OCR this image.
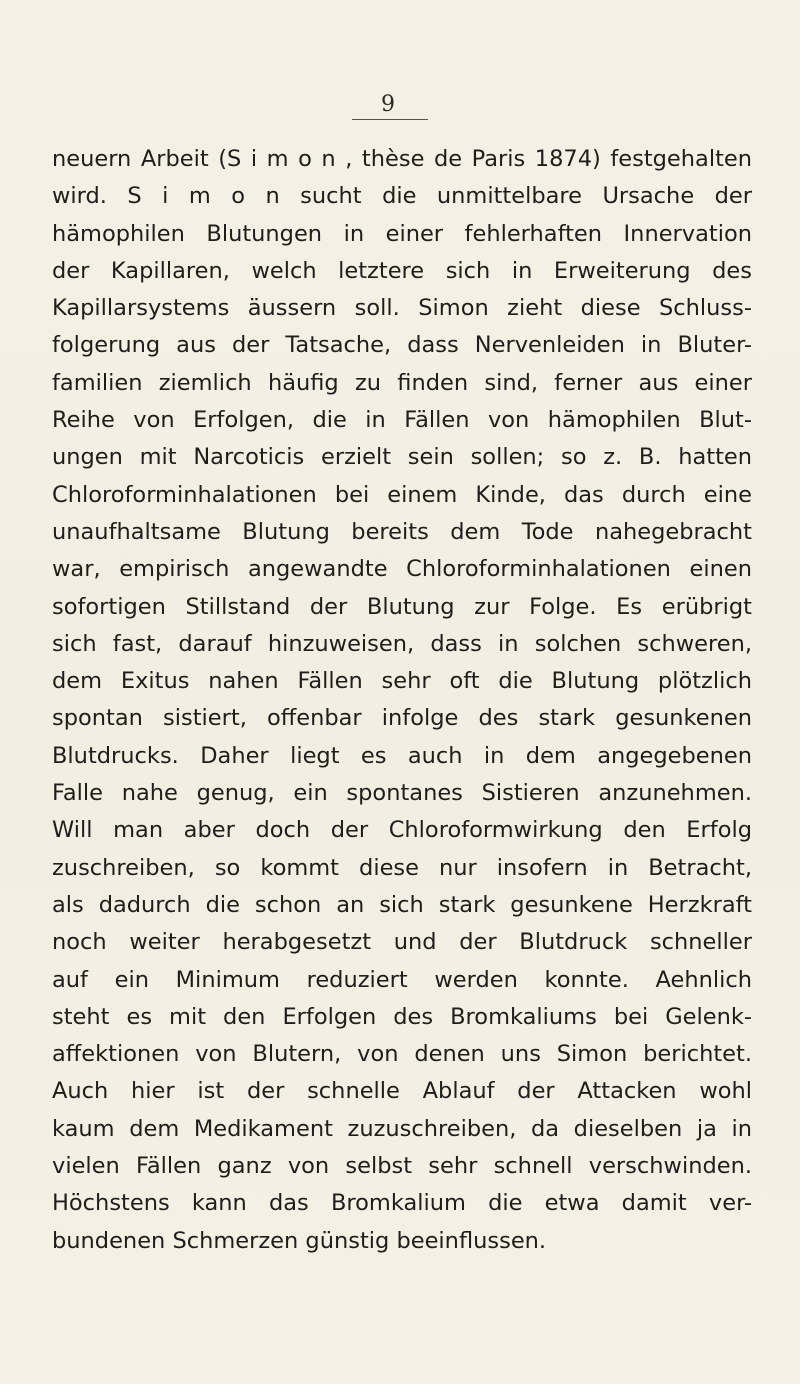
9
neuern Arbeit (S i m o n , thèse de Paris 1874) festgehalten
wird. S i m o n sucht die unmittelbare Ursache der
hämophilen Blutungen in einer fehlerhaften Innervation
der Kapillaren, welch letztere sich in Erweiterung des
Kapillarsystems äussern soll. Simon zieht diese Schluss-
folgerung aus der Tatsache, dass Nervenleiden in Bluter-
familien ziemlich häufig zu finden sind, ferner aus einer
Reihe von Erfolgen, die in Fällen von hämophilen Blut-
ungen mit Narcoticis erzielt sein sollen; so z. B. hatten
Chloroforminhalationen bei einem Kinde, das durch eine
unaufhaltsame Blutung bereits dem Tode nahegebracht
war, empirisch angewandte Chloroforminhalationen einen
sofortigen Stillstand der Blutung zur Folge. Es erübrigt
sich fast, darauf hinzuweisen, dass in solchen schweren,
dem Exitus nahen Fällen sehr oft die Blutung plötzlich
spontan sistiert, offenbar infolge des stark gesunkenen
Blutdrucks. Daher liegt es auch in dem angegebenen
Falle nahe genug, ein spontanes Sistieren anzunehmen.
Will man aber doch der Chloroformwirkung den Erfolg
zuschreiben, so kommt diese nur insofern in Betracht,
als dadurch die schon an sich stark gesunkene Herzkraft
noch weiter herabgesetzt und der Blutdruck schneller
auf ein Minimum reduziert werden konnte. Aehnlich
steht es mit den Erfolgen des Bromkaliums bei Gelenk-
affektionen von Blutern, von denen uns Simon berichtet.
Auch hier ist der schnelle Ablauf der Attacken wohl
kaum dem Medikament zuzuschreiben, da dieselben ja in
vielen Fällen ganz von selbst sehr schnell verschwinden.
Höchstens kann das Bromkalium die etwa damit ver-
bundenen Schmerzen günstig beeinflussen.
